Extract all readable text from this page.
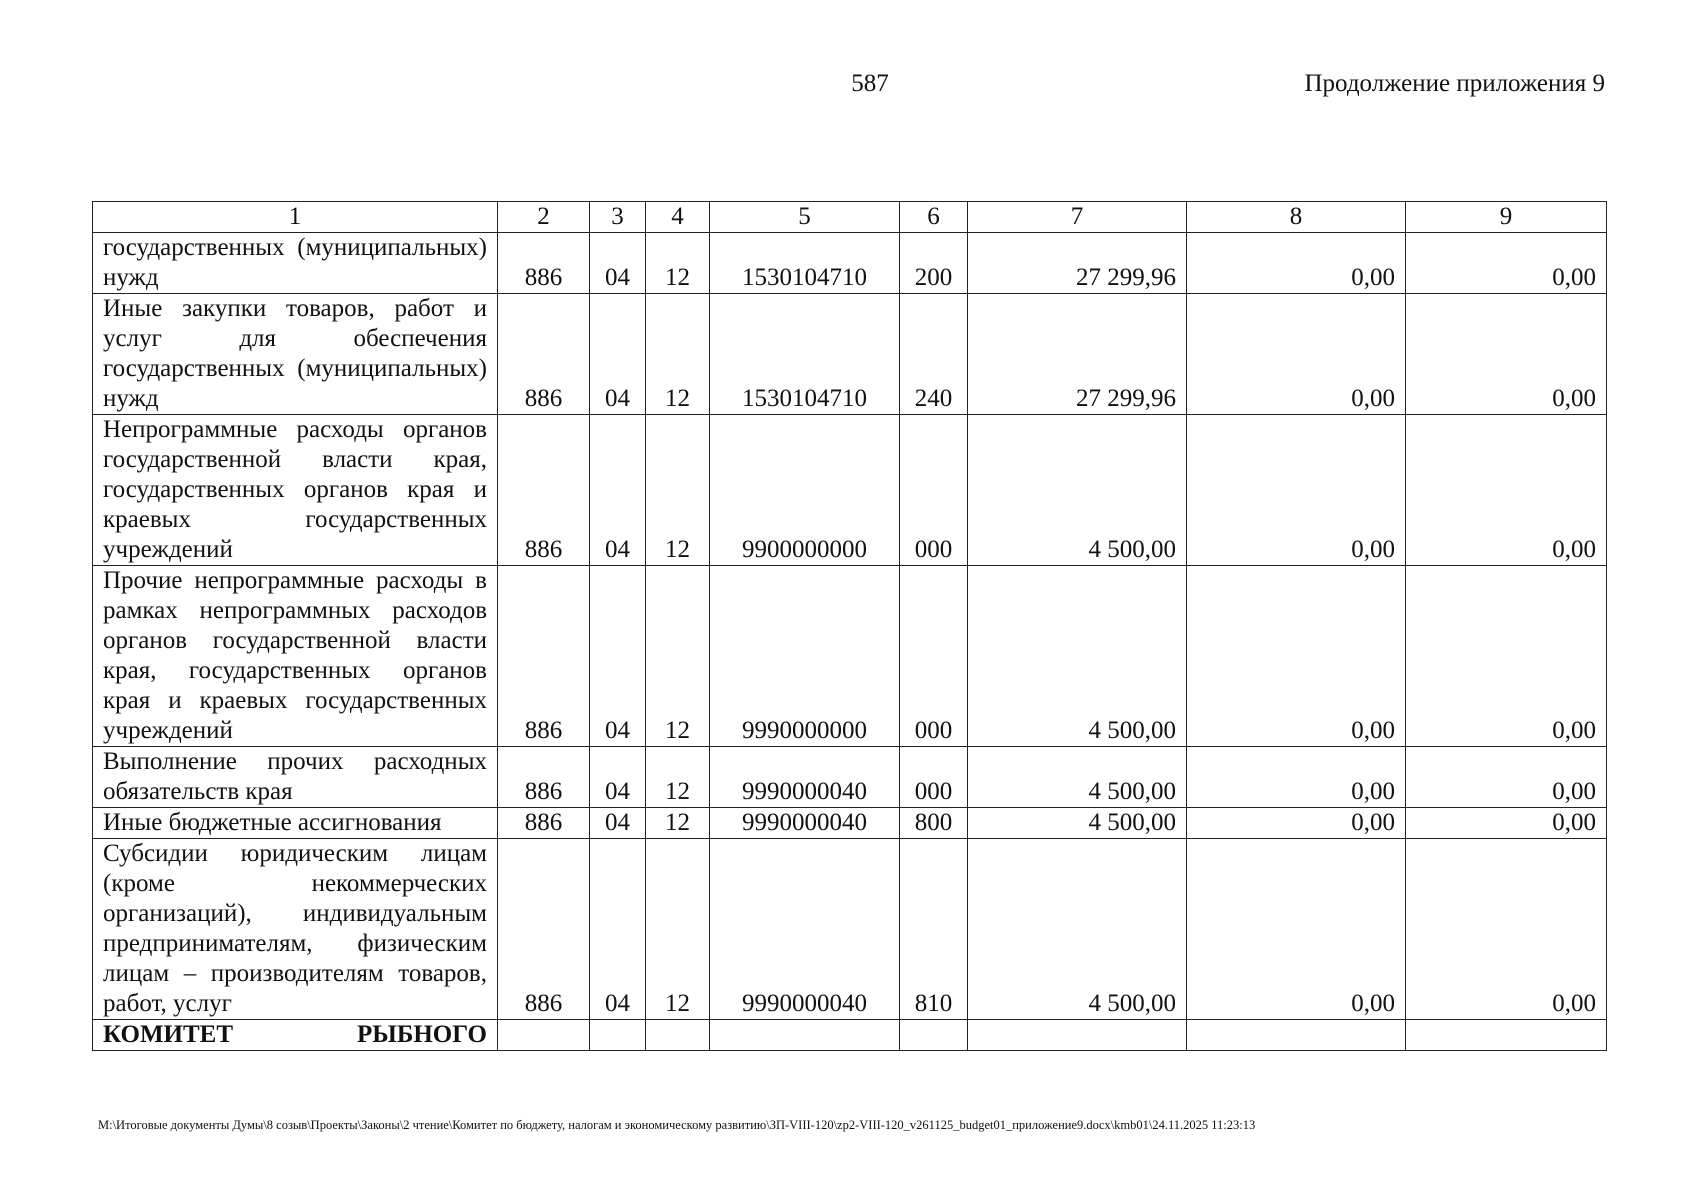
587	Продолжение приложения 9
1	2	3	4	5	6	7	8	9
государственных (муниципальных) нужд	886	04	12	1530104710	200	27 299,96	0,00	0,00
Иные закупки товаров, работ и услуг для обеспечения государственных (муниципальных) нужд	886	04	12	1530104710	240	27 299,96	0,00	0,00
Непрограммные расходы органов государственной власти края, государственных органов края и краевых государственных учреждений	886	04	12	9900000000	000	4 500,00	0,00	0,00
Прочие непрограммные расходы в рамках непрограммных расходов органов государственной власти края, государственных органов края и краевых государственных учреждений	886	04	12	9990000000	000	4 500,00	0,00	0,00
Выполнение прочих расходных обязательств края	886	04	12	9990000040	000	4 500,00	0,00	0,00
Иные бюджетные ассигнования	886	04	12	9990000040	800	4 500,00	0,00	0,00
Субсидии юридическим лицам (кроме некоммерческих организаций), индивидуальным предпринимателям, физическим лицам – производителям товаров, работ, услуг	886	04	12	9990000040	810	4 500,00	0,00	0,00
КОМИТЕТ РЫБНОГО								
M:\Итоговые документы Думы\8 созыв\Проекты\Законы\2 чтение\Комитет по бюджету, налогам и экономическому развитию\ЗП-VIII-120\zp2-VIII-120_v261125_budget01_приложение9.docx\kmb01\24.11.2025 11:23:13
